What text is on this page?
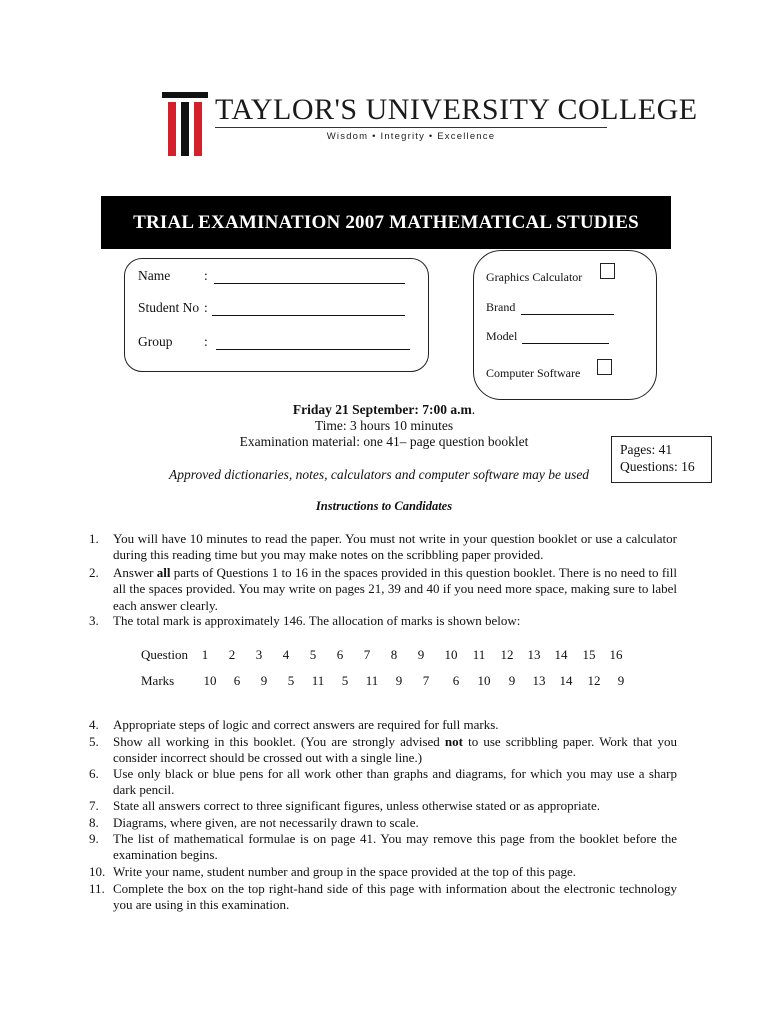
TAYLOR'S UNIVERSITY COLLEGE
Wisdom • Integrity • Excellence
TRIAL EXAMINATION 2007 MATHEMATICAL STUDIES
Name	:
Student No :
Group :
Graphics Calculator
Brand
Model
Computer Software
Friday 21 September: 7:00 a.m.
Time: 3 hours 10 minutes
Examination material: one 41– page question booklet
Pages: 41
Questions: 16
Approved dictionaries, notes, calculators and computer software may be used
Instructions to Candidates
1.	You will have 10 minutes to read the paper. You must not write in your question booklet or use a calculator during this reading time but you may make notes on the scribbling paper provided.
2.	Answer all parts of Questions 1 to 16 in the spaces provided in this question booklet. There is no need to fill all the spaces provided. You may write on pages 21, 39 and 40 if you need more space, making sure to label each answer clearly.
3.	The total mark is approximately 146. The allocation of marks is shown below:
Question	1	2	3	4	5	6	7	8	9	10	11	12	13	14	15	16
Marks	10	6	9	5	11	5	11	9	7	6	10	9	13	14	12	9
4.	Appropriate steps of logic and correct answers are required for full marks.
5.	Show all working in this booklet. (You are strongly advised not to use scribbling paper. Work that you consider incorrect should be crossed out with a single line.)
6.	Use only black or blue pens for all work other than graphs and diagrams, for which you may use a sharp dark pencil.
7.	State all answers correct to three significant figures, unless otherwise stated or as appropriate.
8.	Diagrams, where given, are not necessarily drawn to scale.
9.	The list of mathematical formulae is on page 41. You may remove this page from the booklet before the examination begins.
10. Write your name, student number and group in the space provided at the top of this page.
11. Complete the box on the top right-hand side of this page with information about the electronic technology you are using in this examination.
